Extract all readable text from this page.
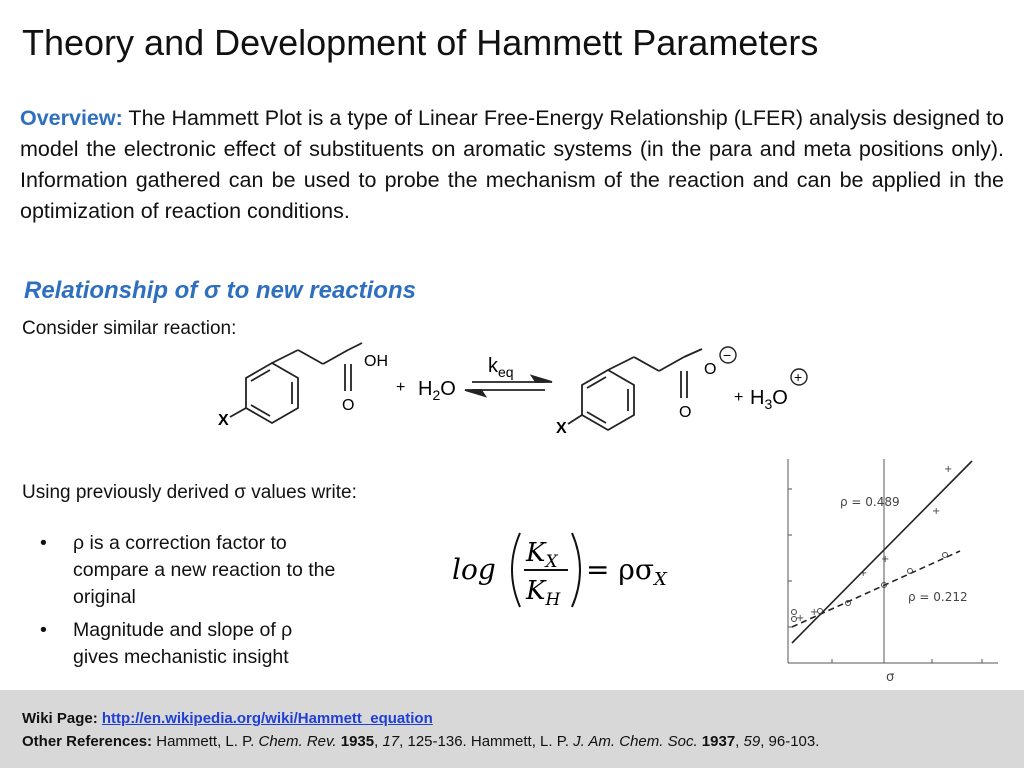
Theory and Development of Hammett Parameters
Overview: The Hammett Plot is a type of Linear Free-Energy Relationship (LFER) analysis designed to model the electronic effect of substituents on aromatic systems (in the para and meta positions only). Information gathered can be used to probe the mechanism of the reaction and can be applied in the optimization of reaction conditions.
Relationship of σ to new reactions
Consider similar reaction:
OH
O
X
+ $H_2O$
$k_{eq}$	O
−
O
X
+ $H_3O$
+
Using previously derived σ values write:
• ρ is a correction factor to compare a new reaction to the original
• Magnitude and slope of ρ gives mechanistic insight
$\log K_X$
$K_H$
= $\rho\sigma_X$
+
+
+
+
+
+
ρ = 0.489
ρ = 0.212
σ
Wiki Page: http://en.wikipedia.org/wiki/Hammett_equation
Other References: Hammett, L. P. Chem. Rev. 1935, 17, 125-136. Hammett, L. P. J. Am. Chem. Soc. 1937, 59, 96-103.
